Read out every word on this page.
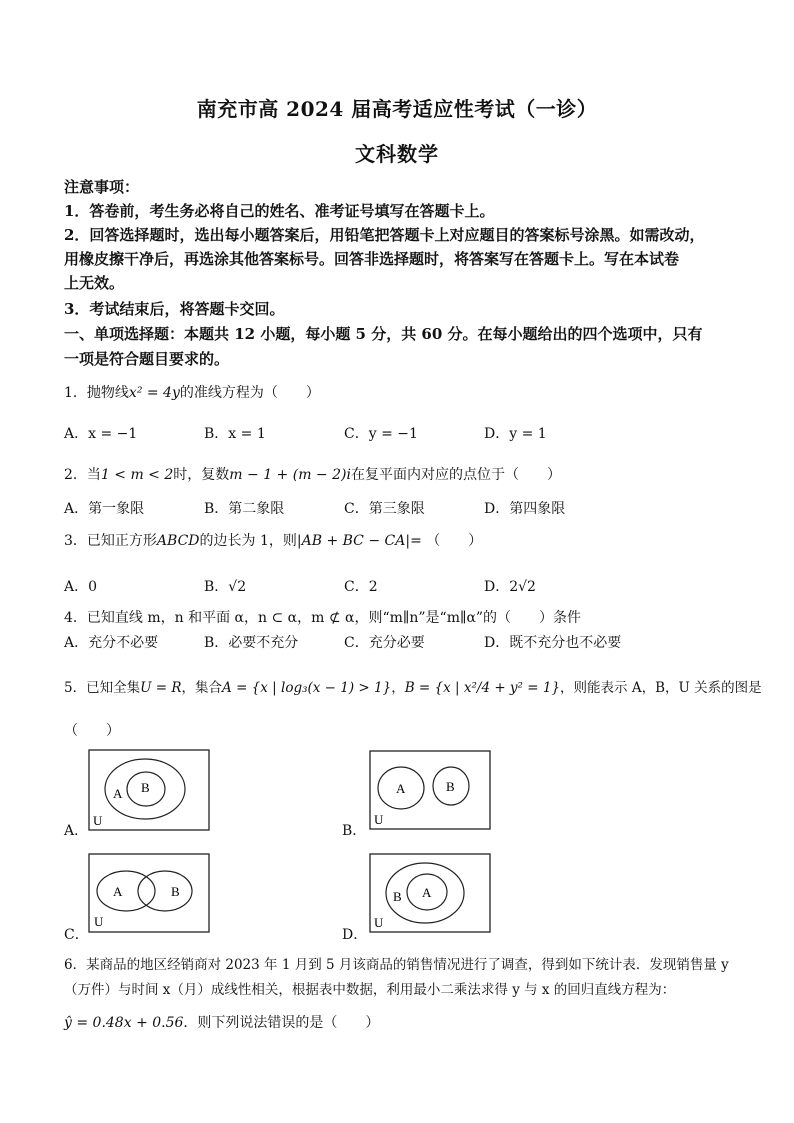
南充市高 2024 届高考适应性考试（一诊）
文科数学
注意事项：
1．答卷前，考生务必将自己的姓名、准考证号填写在答题卡上。
2．回答选择题时，选出每小题答案后，用铅笔把答题卡上对应题目的答案标号涂黑。如需改动，
用橡皮擦干净后，再选涂其他答案标号。回答非选择题时，将答案写在答题卡上。写在本试卷
上无效。
3．考试结束后，将答题卡交回。
一、单项选择题：本题共 12 小题，每小题 5 分，共 60 分。在每小题给出的四个选项中，只有
一项是符合题目要求的。
1．抛物线x² = 4y的准线方程为（　　）
A．x = −1	B．x = 1	C．y = −1	D．y = 1
2．当1 < m < 2时，复数m − 1 + (m − 2)i在复平面内对应的点位于（　　）
A．第一象限	B．第二象限	C．第三象限	D．第四象限
3．已知正方形ABCD的边长为 1，则|AB + BC − CA|= （　　）
A．0	B．√2	C．2	D．2√2
4．已知直线 m，n 和平面 α，n ⊂ α，m ⊄ α，则“m∥n”是“m∥α”的（　　）条件
A．充分不必要	B．必要不充分	C．充分必要	D．既不充分也不必要
5．已知全集U = R，集合A = {x | log₃(x − 1) > 1}，B = {x | x²/4 + y² = 1}，则能表示 A，B，U 关系的图是
（　　）
A．	B．
C．	D．
A B
U
A	B
U
A	B
U
B A
U
6．某商品的地区经销商对 2023 年 1 月到 5 月该商品的销售情况进行了调查，得到如下统计表．发现销售量 y
（万件）与时间 x（月）成线性相关，根据表中数据，利用最小二乘法求得 y 与 x 的回归直线方程为：
ŷ = 0.48x + 0.56．则下列说法错误的是（　　）
